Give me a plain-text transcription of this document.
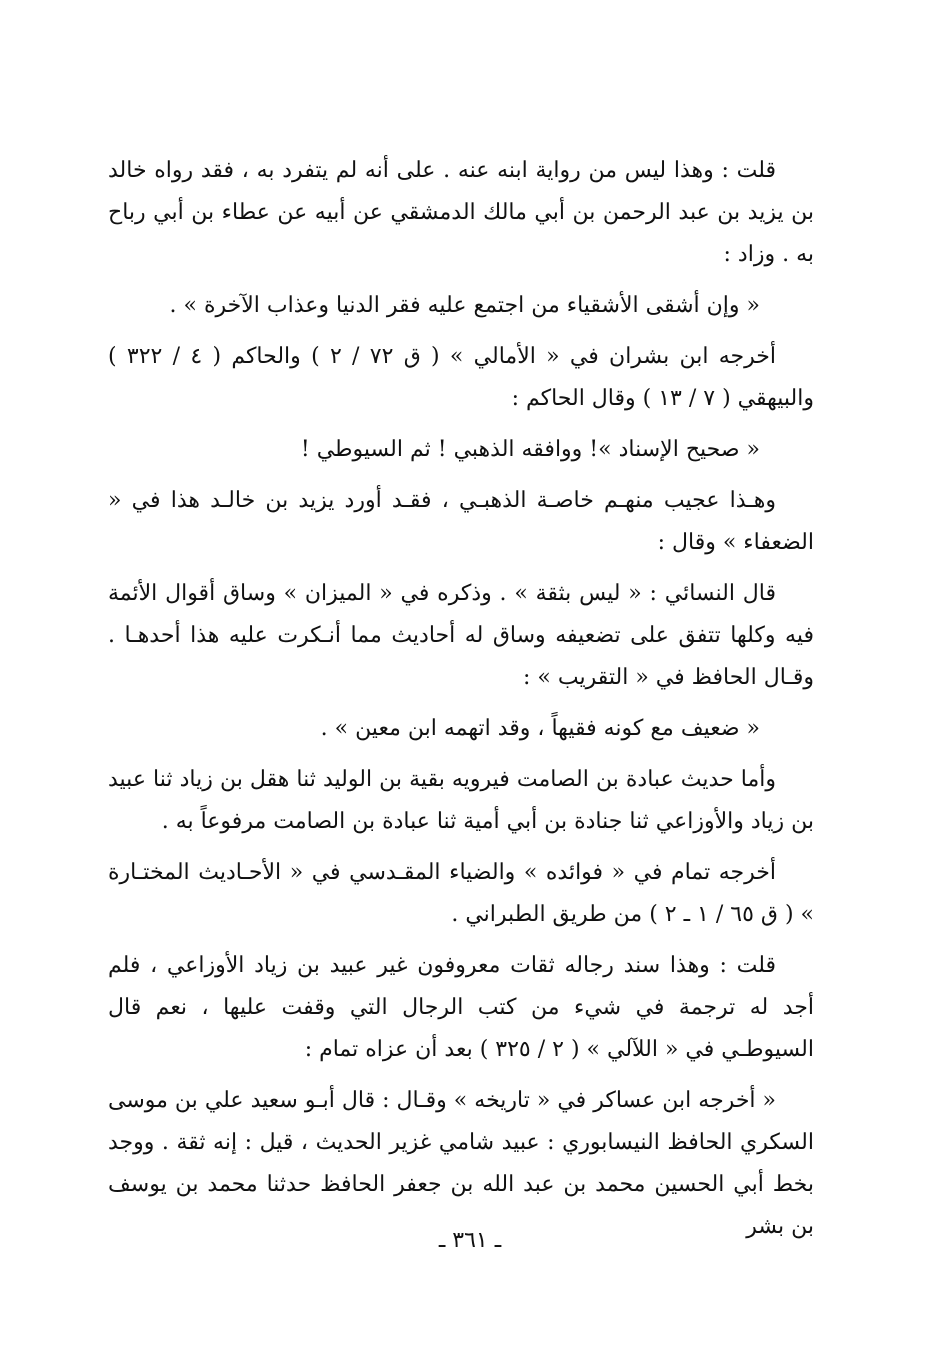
قلت : وهذا ليس من رواية ابنه عنه . على أنه لم يتفرد به ، فقد رواه خالد بن يزيد بن عبد الرحمن بن أبي مالك الدمشقي عن أبيه عن عطاء بن أبي رباح به . وزاد :

« وإن أشقى الأشقياء من اجتمع عليه فقر الدنيا وعذاب الآخرة » .

أخرجه ابن بشران في « الأمالي » ( ق ٧٢ / ٢ ) والحاكم ( ٤ / ٣٢٢ ) والبيهقي ( ٧ / ١٣ ) وقال الحاكم :

« صحيح الإسناد »! ووافقه الذهبي ! ثم السيوطي !

وهـذا عجيب منهـم خاصـة الذهبـي ، فقـد أورد يزيد بن خالـد هذا في « الضعفاء » وقال :

قال النسائي : « ليس بثقة » . وذكره في « الميزان » وساق أقوال الأئمة فيه وكلها تتفق على تضعيفه وساق له أحاديث مما أنـكرت عليه هذا أحدهـا . وقـال الحافظ في « التقريب » :

« ضعيف مع كونه فقيهاً ، وقد اتهمه ابن معين » .

وأما حديث عبادة بن الصامت فيرويه بقية بن الوليد ثنا هقل بن زياد ثنا عبيد بن زياد والأوزاعي ثنا جنادة بن أبي أمية ثنا عبادة بن الصامت مرفوعاً به .

أخرجه تمام في « فوائده » والضياء المقـدسي في « الأحـاديث المختـارة » ( ق ٦٥ / ١ ـ ٢ ) من طريق الطبراني .

قلت : وهذا سند رجاله ثقات معروفون غير عبيد بن زياد الأوزاعي ، فلم أجد له ترجمة في شيء من كتب الرجال التي وقفت عليها ، نعم قال السيوطـي في « اللآلي » ( ٢ / ٣٢٥ ) بعد أن عزاه تمام :

« أخرجه ابن عساكر في « تاريخه » وقـال : قال أبـو سعيد علي بن موسى السكري الحافظ النيسابوري : عبيد شامي غزير الحديث ، قيل : إنه ثقة . ووجد بخط أبي الحسين محمد بن عبد الله بن جعفر الحافظ حدثنا محمد بن يوسف بن بشر

ـ ٣٦١ ـ
